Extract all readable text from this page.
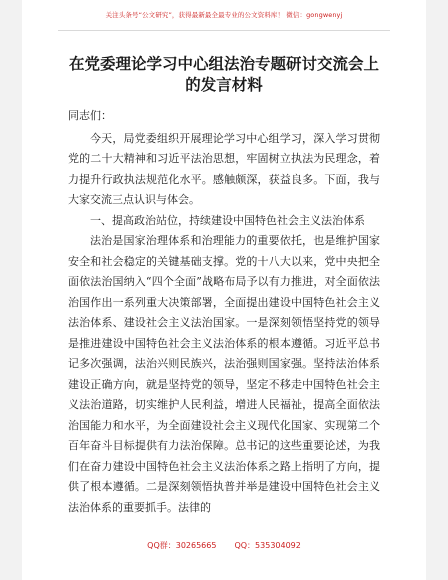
关注头条号“公文研究”，获得最新最全最专业的公文资料库！ 微信：gongwenyj
在党委理论学习中心组法治专题研讨交流会上的发言材料

同志们：

今天，局党委组织开展理论学习中心组学习，深入学习贯彻党的二十大精神和习近平法治思想，牢固树立执法为民理念，着力提升行政执法规范化水平。感触颇深，获益良多。下面，我与大家交流三点认识与体会。

一、提高政治站位，持续建设中国特色社会主义法治体系

法治是国家治理体系和治理能力的重要依托，也是维护国家安全和社会稳定的关键基础支撑。党的十八大以来，党中央把全面依法治国纳入“四个全面”战略布局予以有力推进，对全面依法治国作出一系列重大决策部署，全面提出建设中国特色社会主义法治体系、建设社会主义法治国家。一是深刻领悟坚持党的领导是推进建设中国特色社会主义法治体系的根本遵循。习近平总书记多次强调，法治兴则民族兴，法治强则国家强。坚持法治体系建设正确方向，就是坚持党的领导，坚定不移走中国特色社会主义法治道路，切实维护人民利益，增进人民福祉，提高全面依法治国能力和水平，为全面建设社会主义现代化国家、实现第二个百年奋斗目标提供有力法治保障。总书记的这些重要论述，为我们在奋力建设中国特色社会主义法治体系之路上指明了方向，提供了根本遵循。二是深刻领悟执普并举是建设中国特色社会主义法治体系的重要抓手。法律的

QQ群：30265665 QQ：535304092
